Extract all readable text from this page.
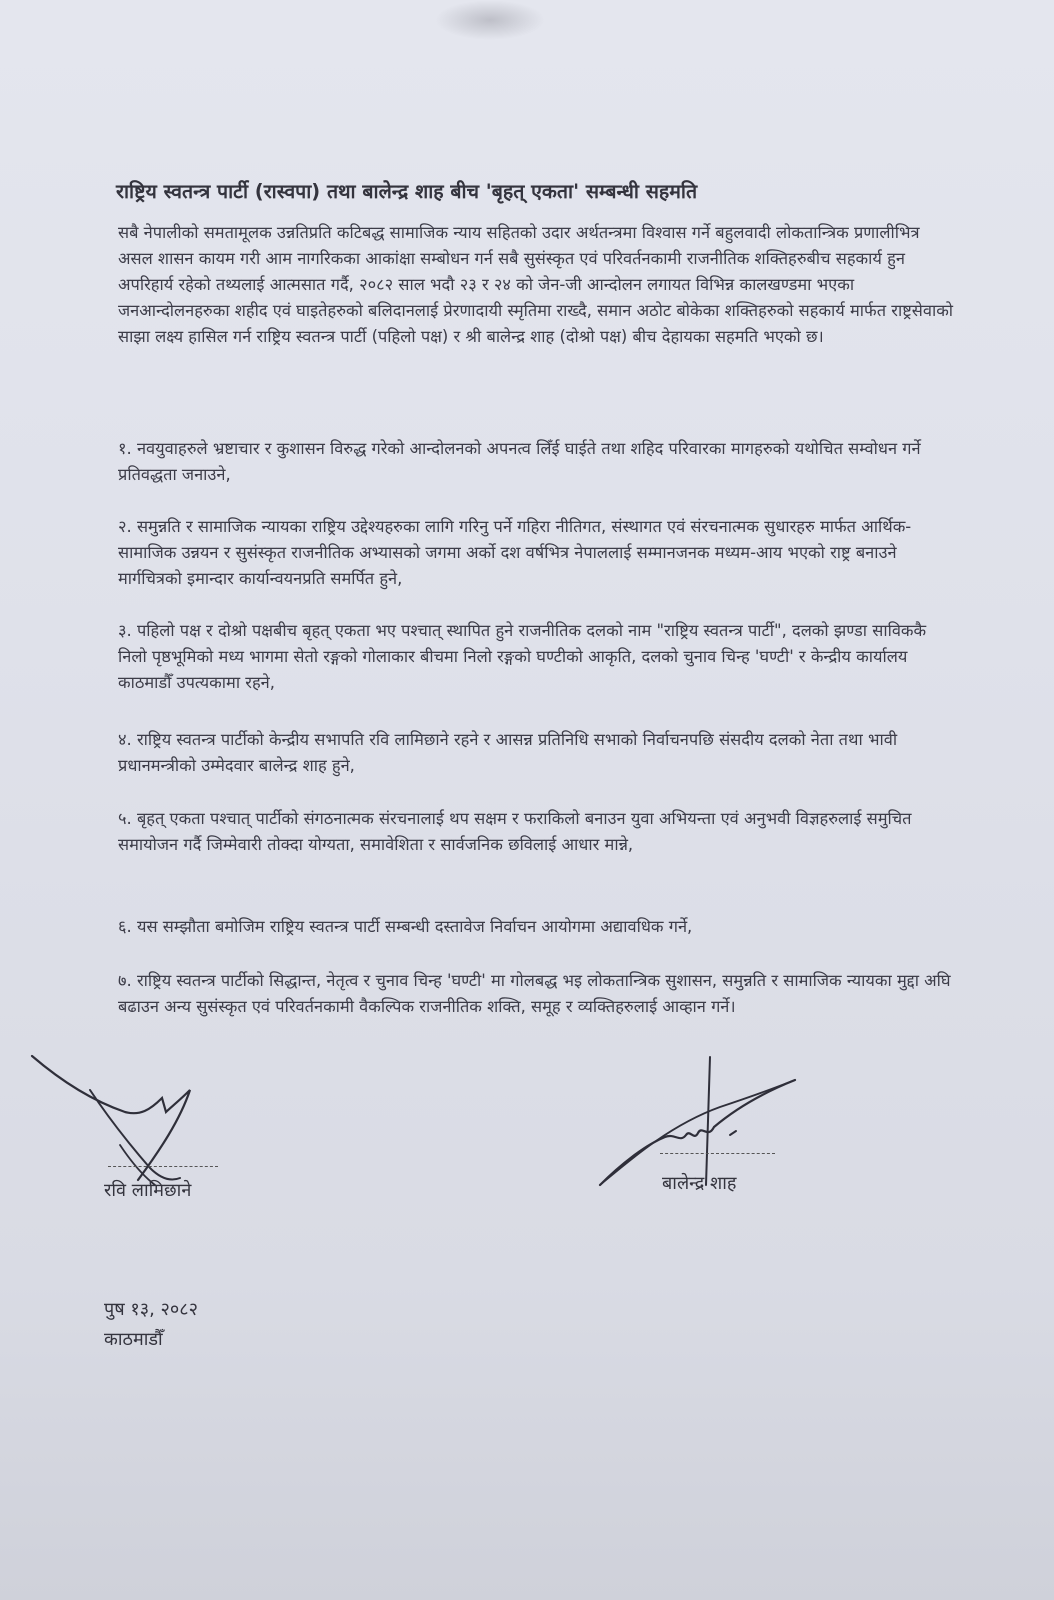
राष्ट्रिय स्वतन्त्र पार्टी (रास्वपा) तथा बालेन्द्र शाह बीच 'बृहत् एकता' सम्बन्धी सहमति
सबै नेपालीको समतामूलक उन्नतिप्रति कटिबद्ध सामाजिक न्याय सहितको उदार अर्थतन्त्रमा विश्वास गर्ने बहुलवादी लोकतान्त्रिक प्रणालीभित्र असल शासन कायम गरी आम नागरिकका आकांक्षा सम्बोधन गर्न सबै सुसंस्कृत एवं परिवर्तनकामी राजनीतिक शक्तिहरुबीच सहकार्य हुन अपरिहार्य रहेको तथ्यलाई आत्मसात गर्दै, २०८२ साल भदौ २३ र २४ को जेन-जी आन्दोलन लगायत विभिन्न कालखण्डमा भएका जनआन्दोलनहरुका शहीद एवं घाइतेहरुको बलिदानलाई प्रेरणादायी स्मृतिमा राख्दै, समान अठोट बोकेका शक्तिहरुको सहकार्य मार्फत राष्ट्रसेवाको साझा लक्ष्य हासिल गर्न राष्ट्रिय स्वतन्त्र पार्टी (पहिलो पक्ष) र श्री बालेन्द्र शाह (दोश्रो पक्ष) बीच देहायका सहमति भएको छ।
१. नवयुवाहरुले भ्रष्टाचार र कुशासन विरुद्ध गरेको आन्दोलनको अपनत्व लिँई घाईते तथा शहिद परिवारका मागहरुको यथोचित सम्वोधन गर्ने प्रतिवद्धता जनाउने,
२. समुन्नति र सामाजिक न्यायका राष्ट्रिय उद्देश्यहरुका लागि गरिनु पर्ने गहिरा नीतिगत, संस्थागत एवं संरचनात्मक सुधारहरु मार्फत आर्थिक-सामाजिक उन्नयन र सुसंस्कृत राजनीतिक अभ्यासको जगमा अर्को दश वर्षभित्र नेपाललाई सम्मानजनक मध्यम-आय भएको राष्ट्र बनाउने मार्गचित्रको इमान्दार कार्यान्वयनप्रति समर्पित हुने,
३. पहिलो पक्ष र दोश्रो पक्षबीच बृहत् एकता भए पश्चात् स्थापित हुने राजनीतिक दलको नाम "राष्ट्रिय स्वतन्त्र पार्टी", दलको झण्डा साविककै निलो पृष्ठभूमिको मध्य भागमा सेतो रङ्गको गोलाकार बीचमा निलो रङ्गको घण्टीको आकृति, दलको चुनाव चिन्ह 'घण्टी' र केन्द्रीय कार्यालय काठमाडौँ उपत्यकामा रहने,
४. राष्ट्रिय स्वतन्त्र पार्टीको केन्द्रीय सभापति रवि लामिछाने रहने र आसन्न प्रतिनिधि सभाको निर्वाचनपछि संसदीय दलको नेता तथा भावी प्रधानमन्त्रीको उम्मेदवार बालेन्द्र शाह हुने,
५. बृहत् एकता पश्चात् पार्टीको संगठनात्मक संरचनालाई थप सक्षम र फराकिलो बनाउन युवा अभियन्ता एवं अनुभवी विज्ञहरुलाई समुचित समायोजन गर्दै जिम्मेवारी तोक्दा योग्यता, समावेशिता र सार्वजनिक छविलाई आधार मान्ने,
६. यस सम्झौता बमोजिम राष्ट्रिय स्वतन्त्र पार्टी सम्बन्धी दस्तावेज निर्वाचन आयोगमा अद्यावधिक गर्ने,
७. राष्ट्रिय स्वतन्त्र पार्टीको सिद्धान्त, नेतृत्व र चुनाव चिन्ह 'घण्टी' मा गोलबद्ध भइ लोकतान्त्रिक सुशासन, समुन्नति र सामाजिक न्यायका मुद्दा अघि बढाउन अन्य सुसंस्कृत एवं परिवर्तनकामी वैकल्पिक राजनीतिक शक्ति, समूह र व्यक्तिहरुलाई आव्हान गर्ने।
रवि लामिछाने	बालेन्द्र शाह
पुष १३, २०८२
काठमाडौँ
